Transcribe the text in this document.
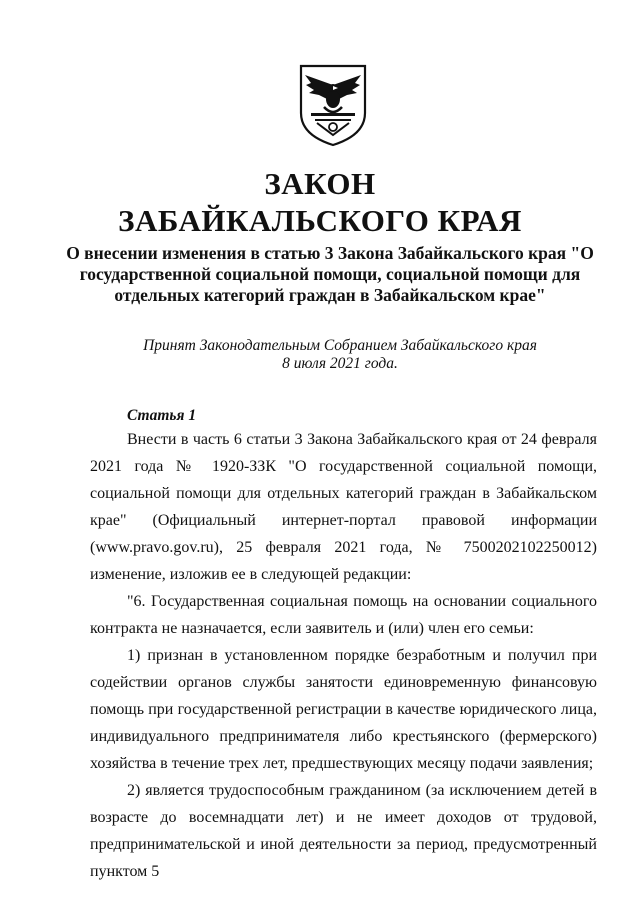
ЗАКОН
ЗАБАЙКАЛЬСКОГО КРАЯ
О внесении изменения в статью 3 Закона Забайкальского края "О государственной социальной помощи, социальной помощи для отдельных категорий граждан в Забайкальском крае"
Принят Законодательным Собранием Забайкальского края
8 июля 2021 года.
Статья 1

Внести в часть 6 статьи 3 Закона Забайкальского края от 24 февраля 2021 года № 1920-ЗЗК "О государственной социальной помощи, социальной помощи для отдельных категорий граждан в Забайкальском крае" (Официальный интернет-портал правовой информации (www.pravo.gov.ru), 25 февраля 2021 года, № 7500202102250012) изменение, изложив ее в следующей редакции:

"6. Государственная социальная помощь на основании социального контракта не назначается, если заявитель и (или) член его семьи:

1) признан в установленном порядке безработным и получил при содействии органов службы занятости единовременную финансовую помощь при государственной регистрации в качестве юридического лица, индивидуального предпринимателя либо крестьянского (фермерского) хозяйства в течение трех лет, предшествующих месяцу подачи заявления;

2) является трудоспособным гражданином (за исключением детей в возрасте до восемнадцати лет) и не имеет доходов от трудовой, предпринимательской и иной деятельности за период, предусмотренный пунктом 5
